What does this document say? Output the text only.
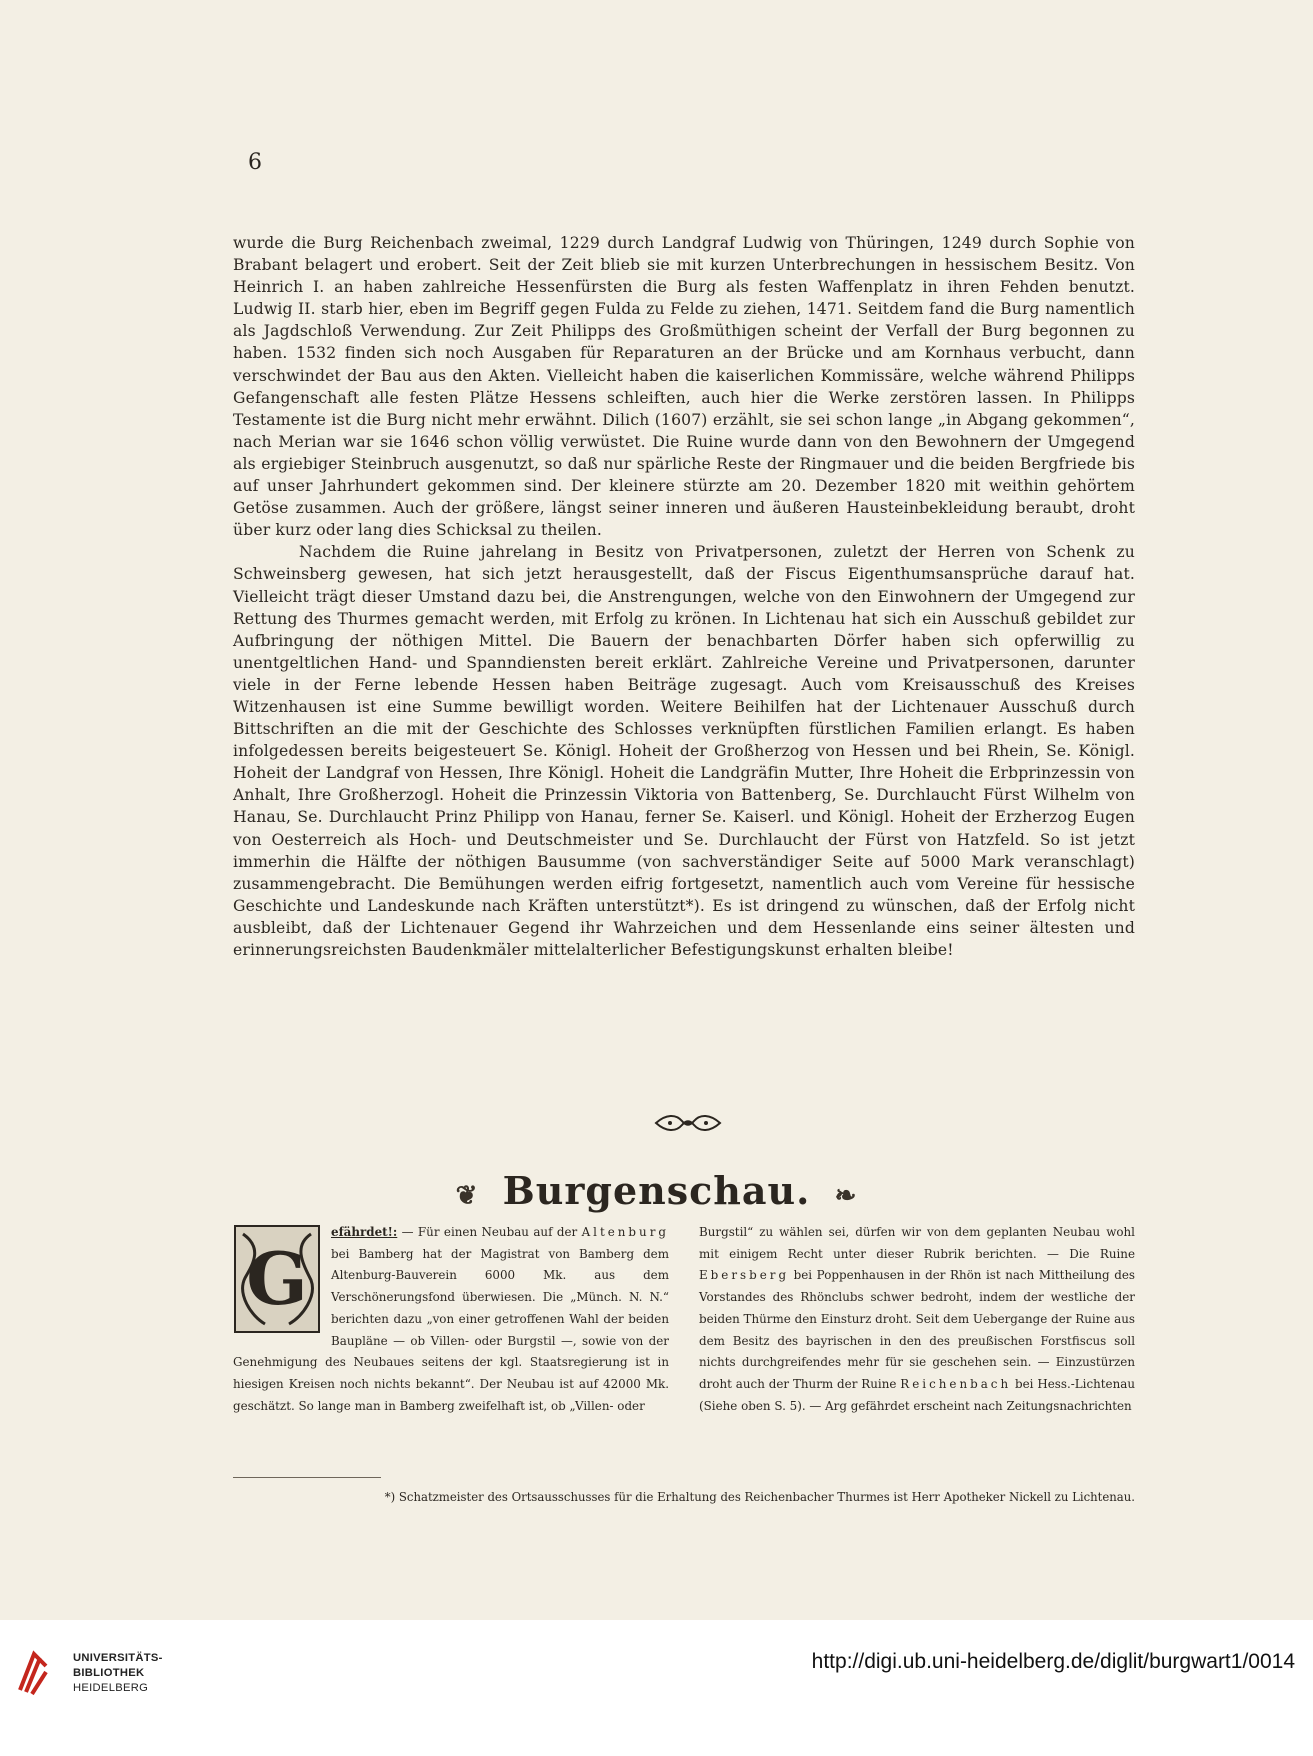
6

wurde die Burg Reichenbach zweimal, 1229 durch Landgraf Ludwig von Thüringen, 1249 durch Sophie von Brabant belagert und erobert. Seit der Zeit blieb sie mit kurzen Unterbrechungen in hessischem Besitz. Von Heinrich I. an haben zahlreiche Hessenfürsten die Burg als festen Waffenplatz in ihren Fehden benutzt. Ludwig II. starb hier, eben im Begriff gegen Fulda zu Felde zu ziehen, 1471. Seitdem fand die Burg namentlich als Jagdschloß Verwendung. Zur Zeit Philipps des Großmüthigen scheint der Verfall der Burg begonnen zu haben. 1532 finden sich noch Ausgaben für Reparaturen an der Brücke und am Kornhaus verbucht, dann verschwindet der Bau aus den Akten. Vielleicht haben die kaiserlichen Kommissäre, welche während Philipps Gefangenschaft alle festen Plätze Hessens schleiften, auch hier die Werke zerstören lassen. In Philipps Testamente ist die Burg nicht mehr erwähnt. Dilich (1607) erzählt, sie sei schon lange „in Abgang gekommen“, nach Merian war sie 1646 schon völlig verwüstet. Die Ruine wurde dann von den Bewohnern der Umgegend als ergiebiger Steinbruch ausgenutzt, so daß nur spärliche Reste der Ringmauer und die beiden Bergfriede bis auf unser Jahrhundert gekommen sind. Der kleinere stürzte am 20. Dezember 1820 mit weithin gehörtem Getöse zusammen. Auch der größere, längst seiner inneren und äußeren Hausteinbekleidung beraubt, droht über kurz oder lang dies Schicksal zu theilen.

Nachdem die Ruine jahrelang in Besitz von Privatpersonen, zuletzt der Herren von Schenk zu Schweinsberg gewesen, hat sich jetzt herausgestellt, daß der Fiscus Eigenthumsansprüche darauf hat. Vielleicht trägt dieser Umstand dazu bei, die Anstrengungen, welche von den Einwohnern der Umgegend zur Rettung des Thurmes gemacht werden, mit Erfolg zu krönen. In Lichtenau hat sich ein Ausschuß gebildet zur Aufbringung der nöthigen Mittel. Die Bauern der benachbarten Dörfer haben sich opferwillig zu unentgeltlichen Hand- und Spanndiensten bereit erklärt. Zahlreiche Vereine und Privatpersonen, darunter viele in der Ferne lebende Hessen haben Beiträge zugesagt. Auch vom Kreisausschuß des Kreises Witzenhausen ist eine Summe bewilligt worden. Weitere Beihilfen hat der Lichtenauer Ausschuß durch Bittschriften an die mit der Geschichte des Schlosses verknüpften fürstlichen Familien erlangt. Es haben infolgedessen bereits beigesteuert Se. Königl. Hoheit der Großherzog von Hessen und bei Rhein, Se. Königl. Hoheit der Landgraf von Hessen, Ihre Königl. Hoheit die Landgräfin Mutter, Ihre Hoheit die Erbprinzessin von Anhalt, Ihre Großherzogl. Hoheit die Prinzessin Viktoria von Battenberg, Se. Durchlaucht Fürst Wilhelm von Hanau, Se. Durchlaucht Prinz Philipp von Hanau, ferner Se. Kaiserl. und Königl. Hoheit der Erzherzog Eugen von Oesterreich als Hoch- und Deutschmeister und Se. Durchlaucht der Fürst von Hatzfeld. So ist jetzt immerhin die Hälfte der nöthigen Bausumme (von sachverständiger Seite auf 5000 Mark veranschlagt) zusammengebracht. Die Bemühungen werden eifrig fortgesetzt, namentlich auch vom Vereine für hessische Geschichte und Landeskunde nach Kräften unterstützt*). Es ist dringend zu wünschen, daß der Erfolg nicht ausbleibt, daß der Lichtenauer Gegend ihr Wahrzeichen und dem Hessenlande eins seiner ältesten und erinnerungsreichsten Baudenkmäler mittelalterlicher Befestigungskunst erhalten bleibe!

❦ Burgenschau. ❧
G

efährdet!: — Für einen Neubau auf der Altenburg bei Bamberg hat der Magistrat von Bamberg dem Altenburg-Bauverein 6000 Mk. aus dem Verschönerungsfond überwiesen. Die „Münch. N. N.“ berichten dazu „von einer getroffenen Wahl der beiden Baupläne — ob Villen- oder Burgstil —, sowie von der Genehmigung des Neubaues seitens der kgl. Staatsregierung ist in hiesigen Kreisen noch nichts bekannt“. Der Neubau ist auf 42000 Mk. geschätzt. So lange man in Bamberg zweifelhaft ist, ob „Villen- oder

Burgstil“ zu wählen sei, dürfen wir von dem geplanten Neubau wohl mit einigem Recht unter dieser Rubrik berichten. — Die Ruine Ebersberg bei Poppenhausen in der Rhön ist nach Mittheilung des Vorstandes des Rhönclubs schwer bedroht, indem der westliche der beiden Thürme den Einsturz droht. Seit dem Uebergange der Ruine aus dem Besitz des bayrischen in den des preußischen Forstfiscus soll nichts durchgreifendes mehr für sie geschehen sein. — Einzustürzen droht auch der Thurm der Ruine Reichenbach bei Hess.-Lichtenau (Siehe oben S. 5). — Arg gefährdet erscheint nach Zeitungsnachrichten
*) Schatzmeister des Ortsausschusses für die Erhaltung des Reichenbacher Thurmes ist Herr Apotheker Nickell zu Lichtenau.
UNIVERSITÄTS-
BIBLIOTHEK
HEIDELBERG
http://digi.ub.uni-heidelberg.de/diglit/burgwart1/0014
